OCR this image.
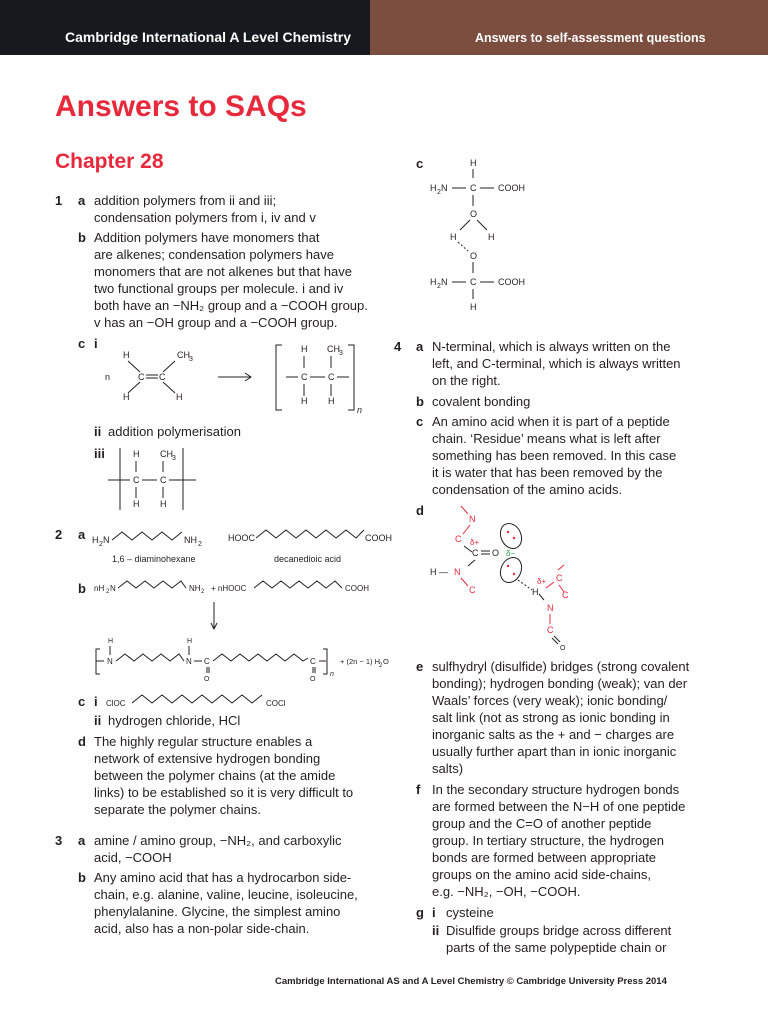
Cambridge International A Level Chemistry	Answers to self-assessment questions
Answers to SAQs
Chapter 28
1 a addition polymers from ii and iii;
condensation polymers from i, iv and v
b Addition polymers have monomers that
are alkenes; condensation polymers have
monomers that are not alkenes but that have
two functional groups per molecule. i and iv
both have an −NH₂ group and a −COOH group.
v has an −OH group and a −COOH group.
c i
n
H	CH 3
C C
H	H
H CH 3
C C
H H
n
ii addition polymerisation
iii	H CH 3
C C
H H
2 a H 2 N	NH 2
1,6 – diaminohexane
HOOC	COOH
decanedioic acid
b nH 2 N	NH 2 + nHOOC	COOH
H
N
H
N C
O
C
O
n
+ (2n − 1) H
2 O
c i ClOC	COCl
ii hydrogen chloride, HCl
d The highly regular structure enables a
network of extensive hydrogen bonding
between the polymer chains (at the amide
links) to be established so it is very difficult to
separate the polymer chains.
3 a amine / amino group, −NH₂, and carboxylic
acid, −COOH
b Any amino acid that has a hydrocarbon side-
chain, e.g. alanine, valine, leucine, isoleucine,
phenylalanine. Glycine, the simplest amino
acid, also has a non-polar side-chain.
c	H
H 2 N	C COOH
O
H	H
O
H 2 N	C COOH
H
4 a N-terminal, which is always written on the
left, and C-terminal, which is always written
on the right.
b covalent bonding
c An amino acid when it is part of a peptide
chain. ‘Residue’ means what is left after
something has been removed. In this case
it is water that has been removed by the
condensation of the amino acids.
d
N
C δ+
C O δ−
H — N
C	H
δ+ C
C
N
C
O
e sulfhydryl (disulfide) bridges (strong covalent
bonding); hydrogen bonding (weak); van der
Waals’ forces (very weak); ionic bonding/
salt link (not as strong as ionic bonding in
inorganic salts as the + and − charges are
usually further apart than in ionic inorganic
salts)
f In the secondary structure hydrogen bonds
are formed between the N−H of one peptide
group and the C=O of another peptide
group. In tertiary structure, the hydrogen
bonds are formed between appropriate
groups on the amino acid side-chains,
e.g. −NH₂, −OH, −COOH.
g i cysteine
ii Disulfide groups bridge across different
parts of the same polypeptide chain or
Cambridge International AS and A Level Chemistry © Cambridge University Press 2014
